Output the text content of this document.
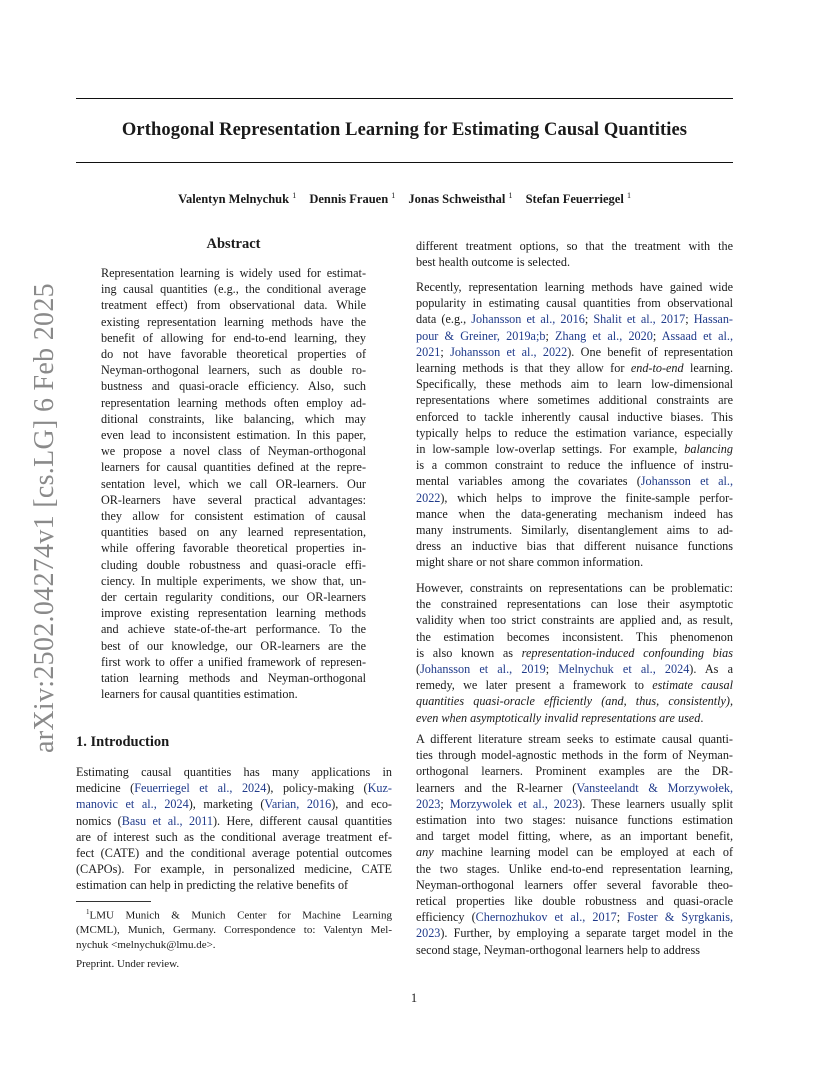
Orthogonal Representation Learning for Estimating Causal Quantities
Valentyn Melnychuk $^1$ Dennis Frauen $^1$ Jonas Schweisthal $^1$ Stefan Feuerriegel $^1$
arXiv:2502.04274v1 [cs.LG] 6 Feb 2025
Abstract
Representation learning is widely used for estimat-
ing causal quantities (e.g., the conditional average
treatment effect) from observational data. While
existing representation learning methods have the
benefit of allowing for end-to-end learning, they
do not have favorable theoretical properties of
Neyman-orthogonal learners, such as double ro-
bustness and quasi-oracle efficiency. Also, such
representation learning methods often employ ad-
ditional constraints, like balancing, which may
even lead to inconsistent estimation. In this paper,
we propose a novel class of Neyman-orthogonal
learners for causal quantities defined at the repre-
sentation level, which we call OR-learners. Our
OR-learners have several practical advantages:
they allow for consistent estimation of causal
quantities based on any learned representation,
while offering favorable theoretical properties in-
cluding double robustness and quasi-oracle effi-
ciency. In multiple experiments, we show that, un-
der certain regularity conditions, our OR-learners
improve existing representation learning methods
and achieve state-of-the-art performance. To the
best of our knowledge, our OR-learners are the
first work to offer a unified framework of represen-
tation learning methods and Neyman-orthogonal
learners for causal quantities estimation.
1. Introduction
Estimating causal quantities has many applications in
medicine (Feuerriegel et al., 2024), policy-making (Kuz-
manovic et al., 2024), marketing (Varian, 2016), and eco-
nomics (Basu et al., 2011). Here, different causal quantities
are of interest such as the conditional average treatment ef-
fect (CATE) and the conditional average potential outcomes
(CAPOs). For example, in personalized medicine, CATE
estimation can help in predicting the relative benefits of
$^1$LMU Munich & Munich Center for Machine Learning
(MCML), Munich, Germany. Correspondence to: Valentyn Mel-
nychuk <melnychuk@lmu.de>.
Preprint. Under review.
different treatment options, so that the treatment with the
best health outcome is selected.
Recently, representation learning methods have gained wide
popularity in estimating causal quantities from observational
data (e.g., Johansson et al., 2016; Shalit et al., 2017; Hassan-
pour & Greiner, 2019a;b; Zhang et al., 2020; Assaad et al.,
2021; Johansson et al., 2022). One benefit of representation
learning methods is that they allow for end-to-end learning.
Specifically, these methods aim to learn low-dimensional
representations where sometimes additional constraints are
enforced to tackle inherently causal inductive biases. This
typically helps to reduce the estimation variance, especially
in low-sample low-overlap settings. For example, balancing
is a common constraint to reduce the influence of instru-
mental variables among the covariates (Johansson et al.,
2022), which helps to improve the finite-sample perfor-
mance when the data-generating mechanism indeed has
many instruments. Similarly, disentanglement aims to ad-
dress an inductive bias that different nuisance functions
might share or not share common information.
However, constraints on representations can be problematic:
the constrained representations can lose their asymptotic
validity when too strict constraints are applied and, as result,
the estimation becomes inconsistent. This phenomenon
is also known as representation-induced confounding bias
(Johansson et al., 2019; Melnychuk et al., 2024). As a
remedy, we later present a framework to estimate causal
quantities quasi-oracle efficiently (and, thus, consistently),
even when asymptotically invalid representations are used.
A different literature stream seeks to estimate causal quanti-
ties through model-agnostic methods in the form of Neyman-
orthogonal learners. Prominent examples are the DR-
learners and the R-learner (Vansteelandt & Morzywołek,
2023; Morzywolek et al., 2023). These learners usually split
estimation into two stages: nuisance functions estimation
and target model fitting, where, as an important benefit,
any machine learning model can be employed at each of
the two stages. Unlike end-to-end representation learning,
Neyman-orthogonal learners offer several favorable theo-
retical properties like double robustness and quasi-oracle
efficiency (Chernozhukov et al., 2017; Foster & Syrgkanis,
2023). Further, by employing a separate target model in the
second stage, Neyman-orthogonal learners help to address
1
